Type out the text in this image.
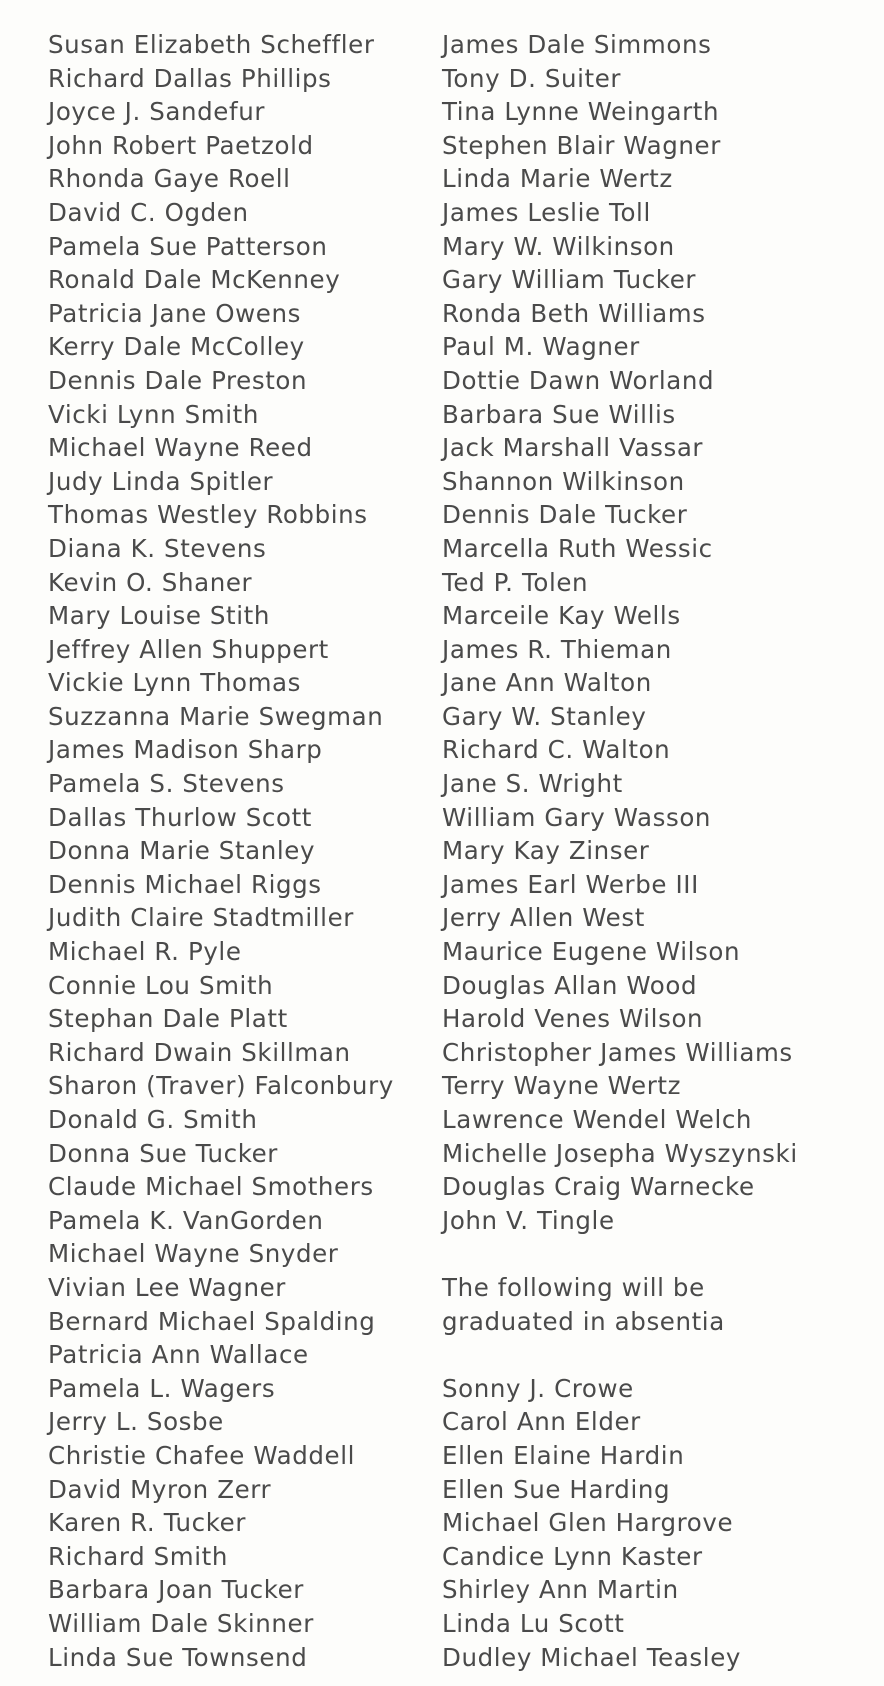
Susan Elizabeth Scheffler
Richard Dallas Phillips
Joyce J. Sandefur
John Robert Paetzold
Rhonda Gaye Roell
David C. Ogden
Pamela Sue Patterson
Ronald Dale McKenney
Patricia Jane Owens
Kerry Dale McColley
Dennis Dale Preston
Vicki Lynn Smith
Michael Wayne Reed
Judy Linda Spitler
Thomas Westley Robbins
Diana K. Stevens
Kevin O. Shaner
Mary Louise Stith
Jeffrey Allen Shuppert
Vickie Lynn Thomas
Suzzanna Marie Swegman
James Madison Sharp
Pamela S. Stevens
Dallas Thurlow Scott
Donna Marie Stanley
Dennis Michael Riggs
Judith Claire Stadtmiller
Michael R. Pyle
Connie Lou Smith
Stephan Dale Platt
Richard Dwain Skillman
Sharon (Traver) Falconbury
Donald G. Smith
Donna Sue Tucker
Claude Michael Smothers
Pamela K. VanGorden
Michael Wayne Snyder
Vivian Lee Wagner
Bernard Michael Spalding
Patricia Ann Wallace
Pamela L. Wagers
Jerry L. Sosbe
Christie Chafee Waddell
David Myron Zerr
Karen R. Tucker
Richard Smith
Barbara Joan Tucker
William Dale Skinner
Linda Sue Townsend
James Dale Simmons
Tony D. Suiter
Tina Lynne Weingarth
Stephen Blair Wagner
Linda Marie Wertz
James Leslie Toll
Mary W. Wilkinson
Gary William Tucker
Ronda Beth Williams
Paul M. Wagner
Dottie Dawn Worland
Barbara Sue Willis
Jack Marshall Vassar
Shannon Wilkinson
Dennis Dale Tucker
Marcella Ruth Wessic
Ted P. Tolen
Marceile Kay Wells
James R. Thieman
Jane Ann Walton
Gary W. Stanley
Richard C. Walton
Jane S. Wright
William Gary Wasson
Mary Kay Zinser
James Earl Werbe III
Jerry Allen West
Maurice Eugene Wilson
Douglas Allan Wood
Harold Venes Wilson
Christopher James Williams
Terry Wayne Wertz
Lawrence Wendel Welch
Michelle Josepha Wyszynski
Douglas Craig Warnecke
John V. Tingle
The following will be
graduated in absentia
Sonny J. Crowe
Carol Ann Elder
Ellen Elaine Hardin
Ellen Sue Harding
Michael Glen Hargrove
Candice Lynn Kaster
Shirley Ann Martin
Linda Lu Scott
Dudley Michael Teasley
